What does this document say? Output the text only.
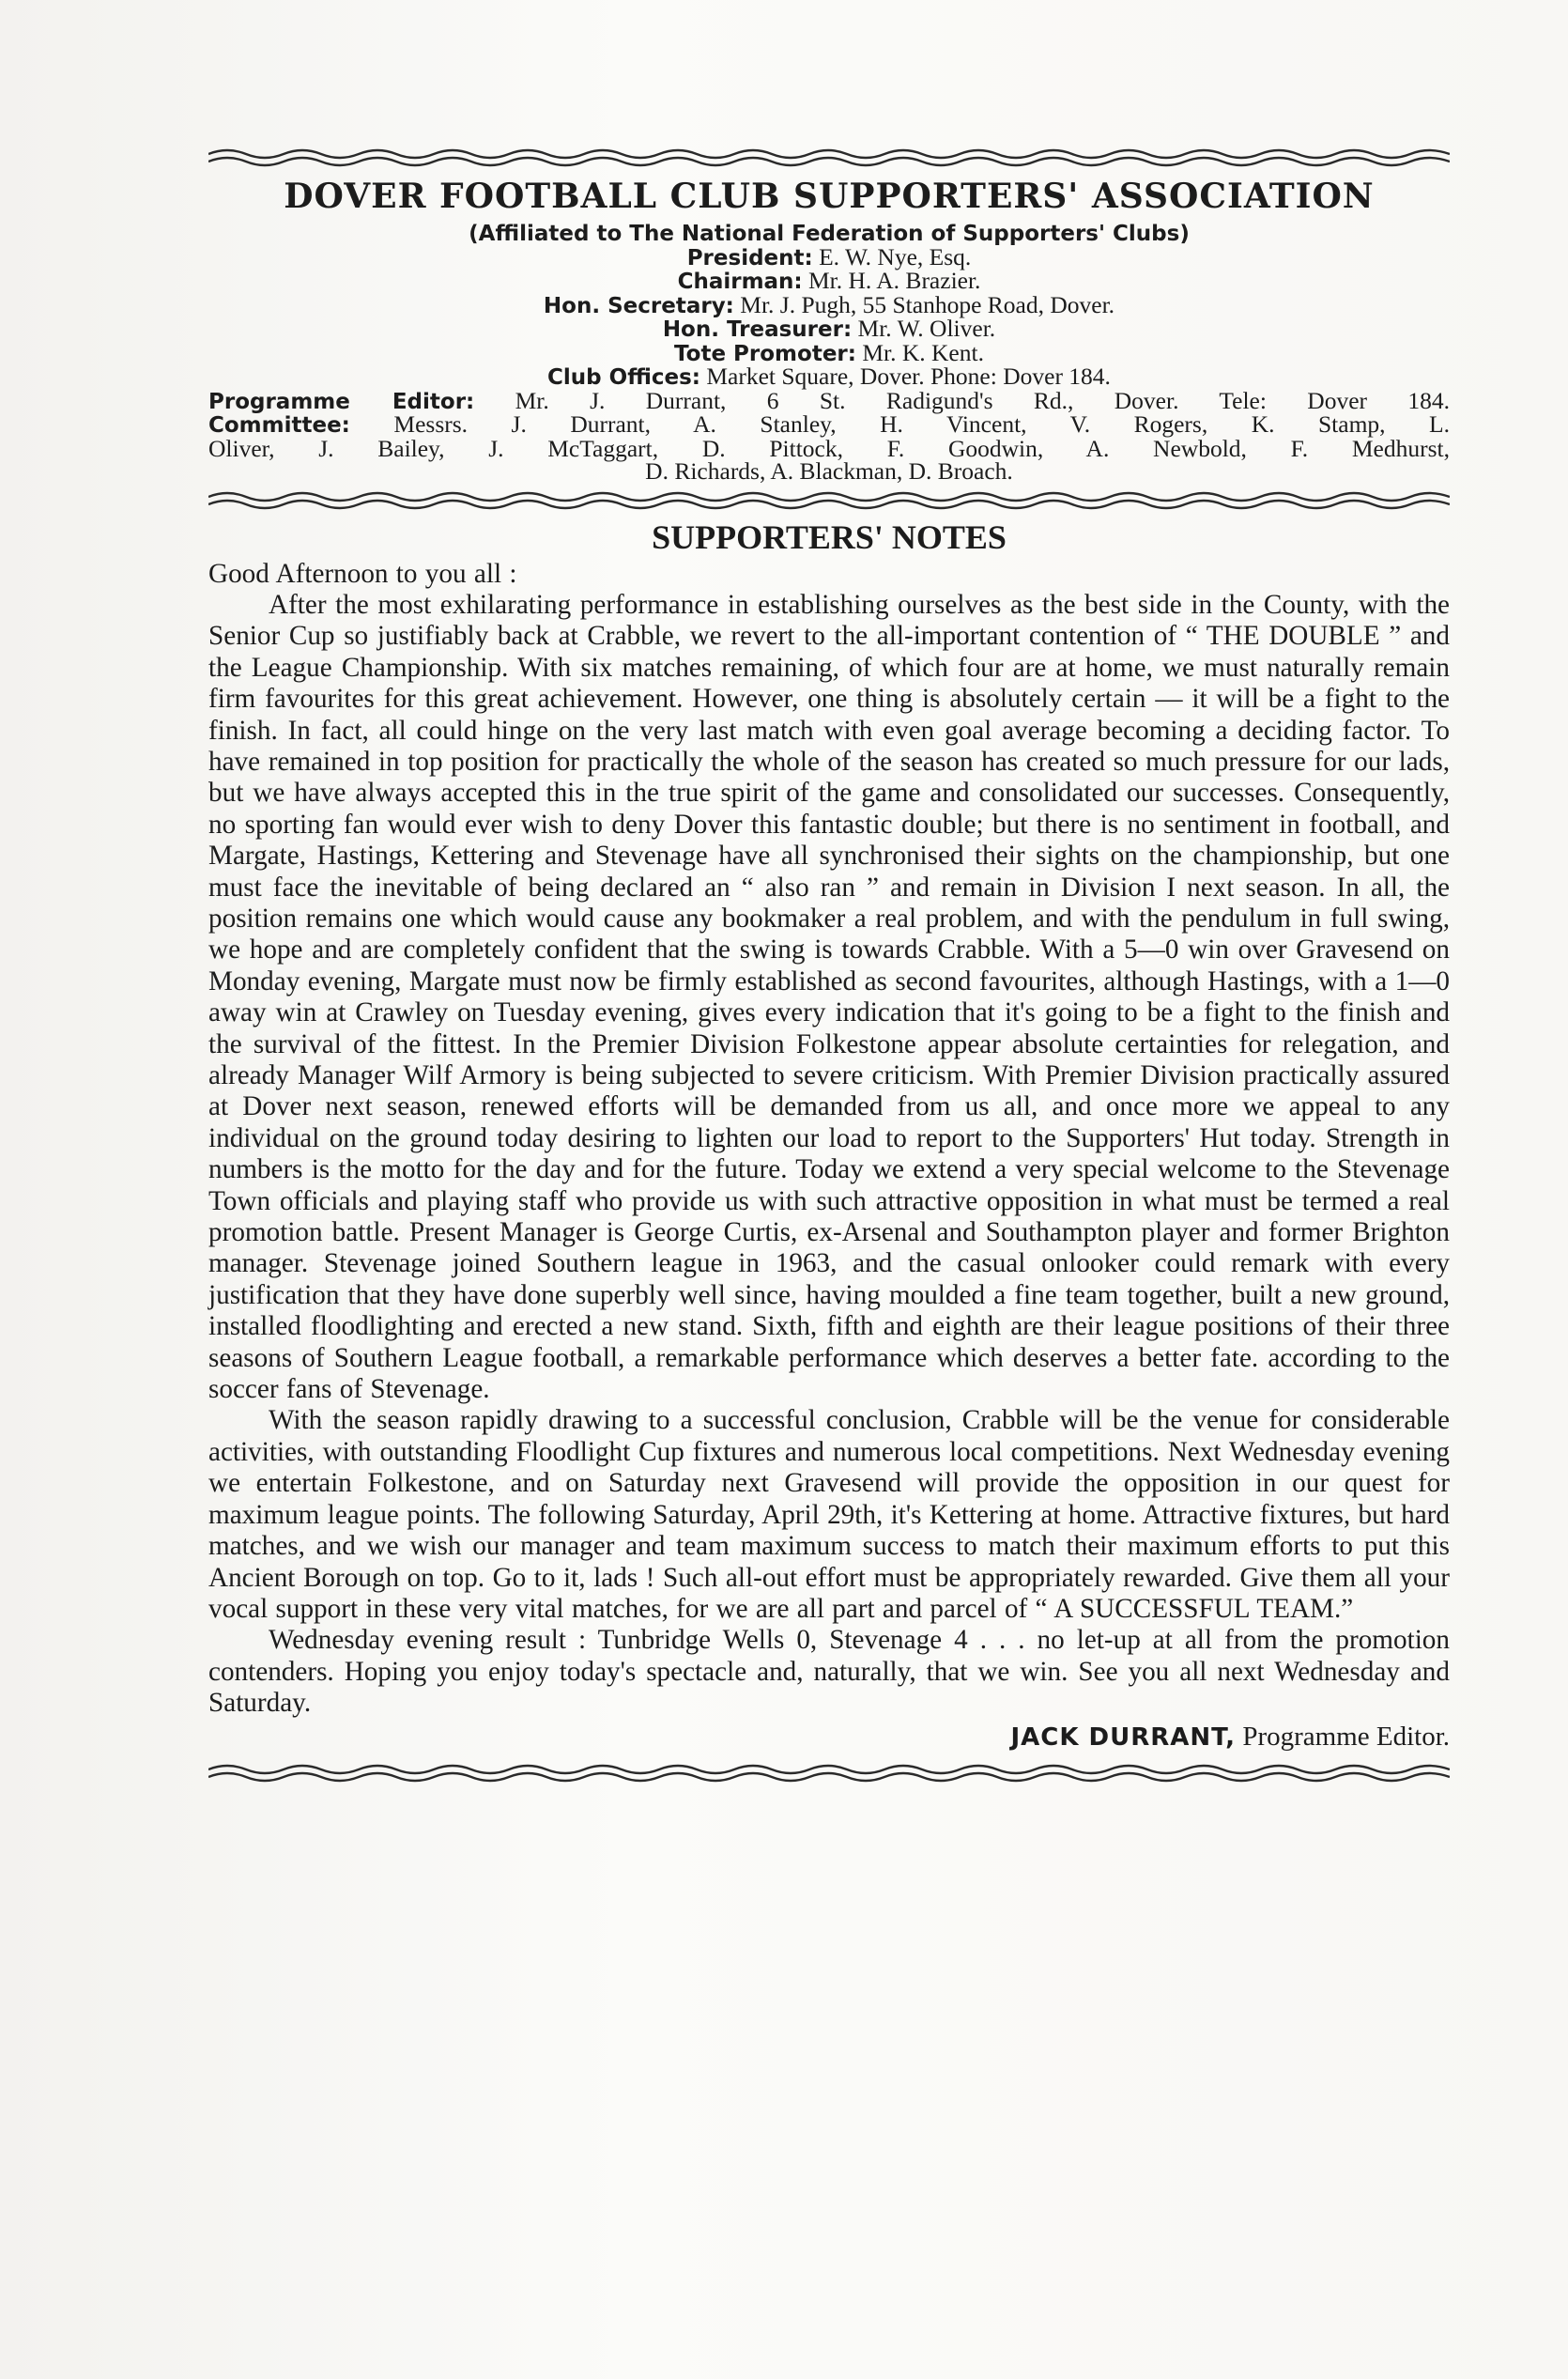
DOVER FOOTBALL CLUB SUPPORTERS' ASSOCIATION
(Affiliated to The National Federation of Supporters' Clubs)
President: E. W. Nye, Esq.
Chairman: Mr. H. A. Brazier.
Hon. Secretary: Mr. J. Pugh, 55 Stanhope Road, Dover.
Hon. Treasurer: Mr. W. Oliver.
Tote Promoter: Mr. K. Kent.
Club Offices: Market Square, Dover. Phone: Dover 184.
Programme Editor: Mr. J. Durrant, 6 St. Radigund's Rd., Dover. Tele: Dover 184.
Committee: Messrs. J. Durrant, A. Stanley, H. Vincent, V. Rogers, K. Stamp, L.
Oliver, J. Bailey, J. McTaggart, D. Pittock, F. Goodwin, A. Newbold, F. Medhurst,
D. Richards, A. Blackman, D. Broach.
SUPPORTERS' NOTES

Good Afternoon to you all :

After the most exhilarating performance in establishing ourselves as the best side in the County, with the Senior Cup so justifiably back at Crabble, we revert to the all-important contention of “ THE DOUBLE ” and the League Championship. With six matches remaining, of which four are at home, we must naturally remain firm favourites for this great achievement. However, one thing is absolutely certain — it will be a fight to the finish. In fact, all could hinge on the very last match with even goal average becoming a deciding factor. To have remained in top position for practically the whole of the season has created so much pressure for our lads, but we have always accepted this in the true spirit of the game and consolidated our successes. Consequently, no sporting fan would ever wish to deny Dover this fantastic double; but there is no sentiment in football, and Margate, Hastings, Kettering and Stevenage have all synchronised their sights on the championship, but one must face the inevitable of being declared an “ also ran ” and remain in Division I next season. In all, the position remains one which would cause any bookmaker a real problem, and with the pendulum in full swing, we hope and are completely confident that the swing is towards Crabble. With a 5—0 win over Gravesend on Monday evening, Margate must now be firmly established as second favourites, although Hastings, with a 1—0 away win at Crawley on Tuesday evening, gives every indication that it's going to be a fight to the finish and the survival of the fittest. In the Premier Division Folkestone appear absolute certainties for relegation, and already Manager Wilf Armory is being subjected to severe criticism. With Premier Division practically assured at Dover next season, renewed efforts will be demanded from us all, and once more we appeal to any individual on the ground today desiring to lighten our load to report to the Supporters' Hut today. Strength in numbers is the motto for the day and for the future. Today we extend a very special welcome to the Stevenage Town officials and playing staff who provide us with such attractive opposition in what must be termed a real promotion battle. Present Manager is George Curtis, ex-Arsenal and Southampton player and former Brighton manager. Stevenage joined Southern league in 1963, and the casual onlooker could remark with every justification that they have done superbly well since, having moulded a fine team together, built a new ground, installed floodlighting and erected a new stand. Sixth, fifth and eighth are their league positions of their three seasons of Southern League football, a remarkable performance which deserves a better fate. according to the soccer fans of Stevenage.

With the season rapidly drawing to a successful conclusion, Crabble will be the venue for considerable activities, with outstanding Floodlight Cup fixtures and numerous local competitions. Next Wednesday evening we entertain Folkestone, and on Saturday next Gravesend will provide the opposition in our quest for maximum league points. The following Saturday, April 29th, it's Kettering at home. Attractive fixtures, but hard matches, and we wish our manager and team maximum success to match their maximum efforts to put this Ancient Borough on top. Go to it, lads ! Such all-out effort must be appropriately rewarded. Give them all your vocal support in these very vital matches, for we are all part and parcel of “ A SUCCESSFUL TEAM.”

Wednesday evening result : Tunbridge Wells 0, Stevenage 4 . . . no let-up at all from the promotion contenders. Hoping you enjoy today's spectacle and, naturally, that we win. See you all next Wednesday and Saturday.

JACK DURRANT, Programme Editor.
